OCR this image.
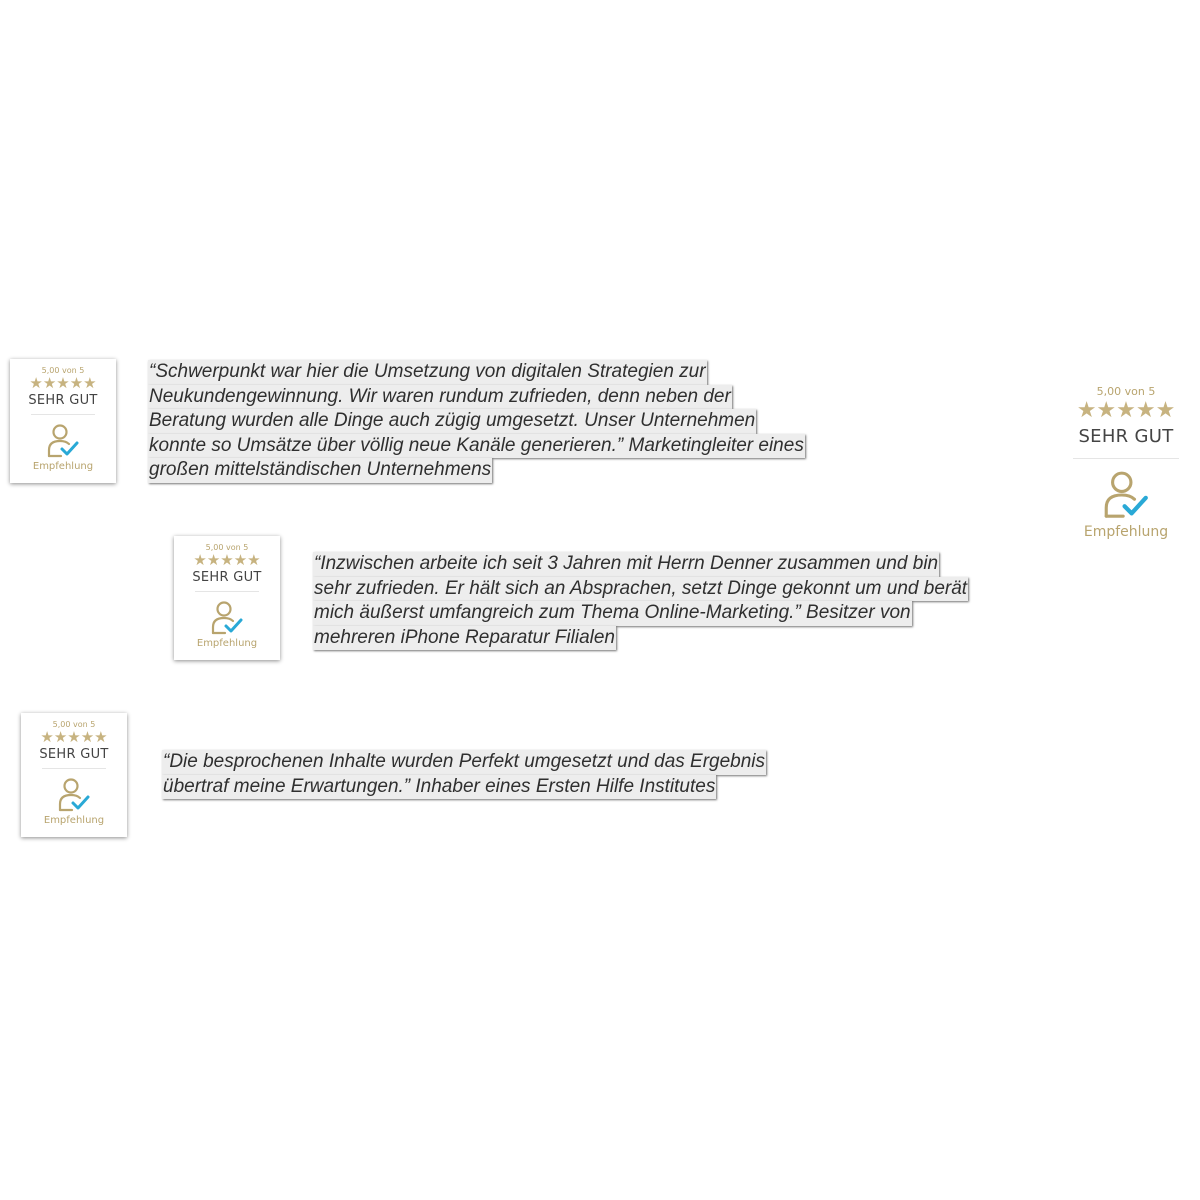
5,00 von 5
★★★★★
SEHR GUT
Empfehlung

“Schwerpunkt war hier die Umsetzung von digitalen Strategien zur
Neukundengewinnung. Wir waren rundum zufrieden, denn neben der
Beratung wurden alle Dinge auch zügig umgesetzt. Unser Unternehmen
konnte so Umsätze über völlig neue Kanäle generieren.” Marketingleiter eines
großen mittelständischen Unternehmens

5,00 von 5
★★★★★
SEHR GUT
Empfehlung
5,00 von 5
★★★★★
SEHR GUT
Empfehlung

“Inzwischen arbeite ich seit 3 Jahren mit Herrn Denner zusammen und bin
sehr zufrieden. Er hält sich an Absprachen, setzt Dinge gekonnt um und berät
mich äußerst umfangreich zum Thema Online-Marketing.” Besitzer von
mehreren iPhone Reparatur Filialen

5,00 von 5
★★★★★
SEHR GUT
Empfehlung

“Die besprochenen Inhalte wurden Perfekt umgesetzt und das Ergebnis
übertraf meine Erwartungen.” Inhaber eines Ersten Hilfe Institutes
